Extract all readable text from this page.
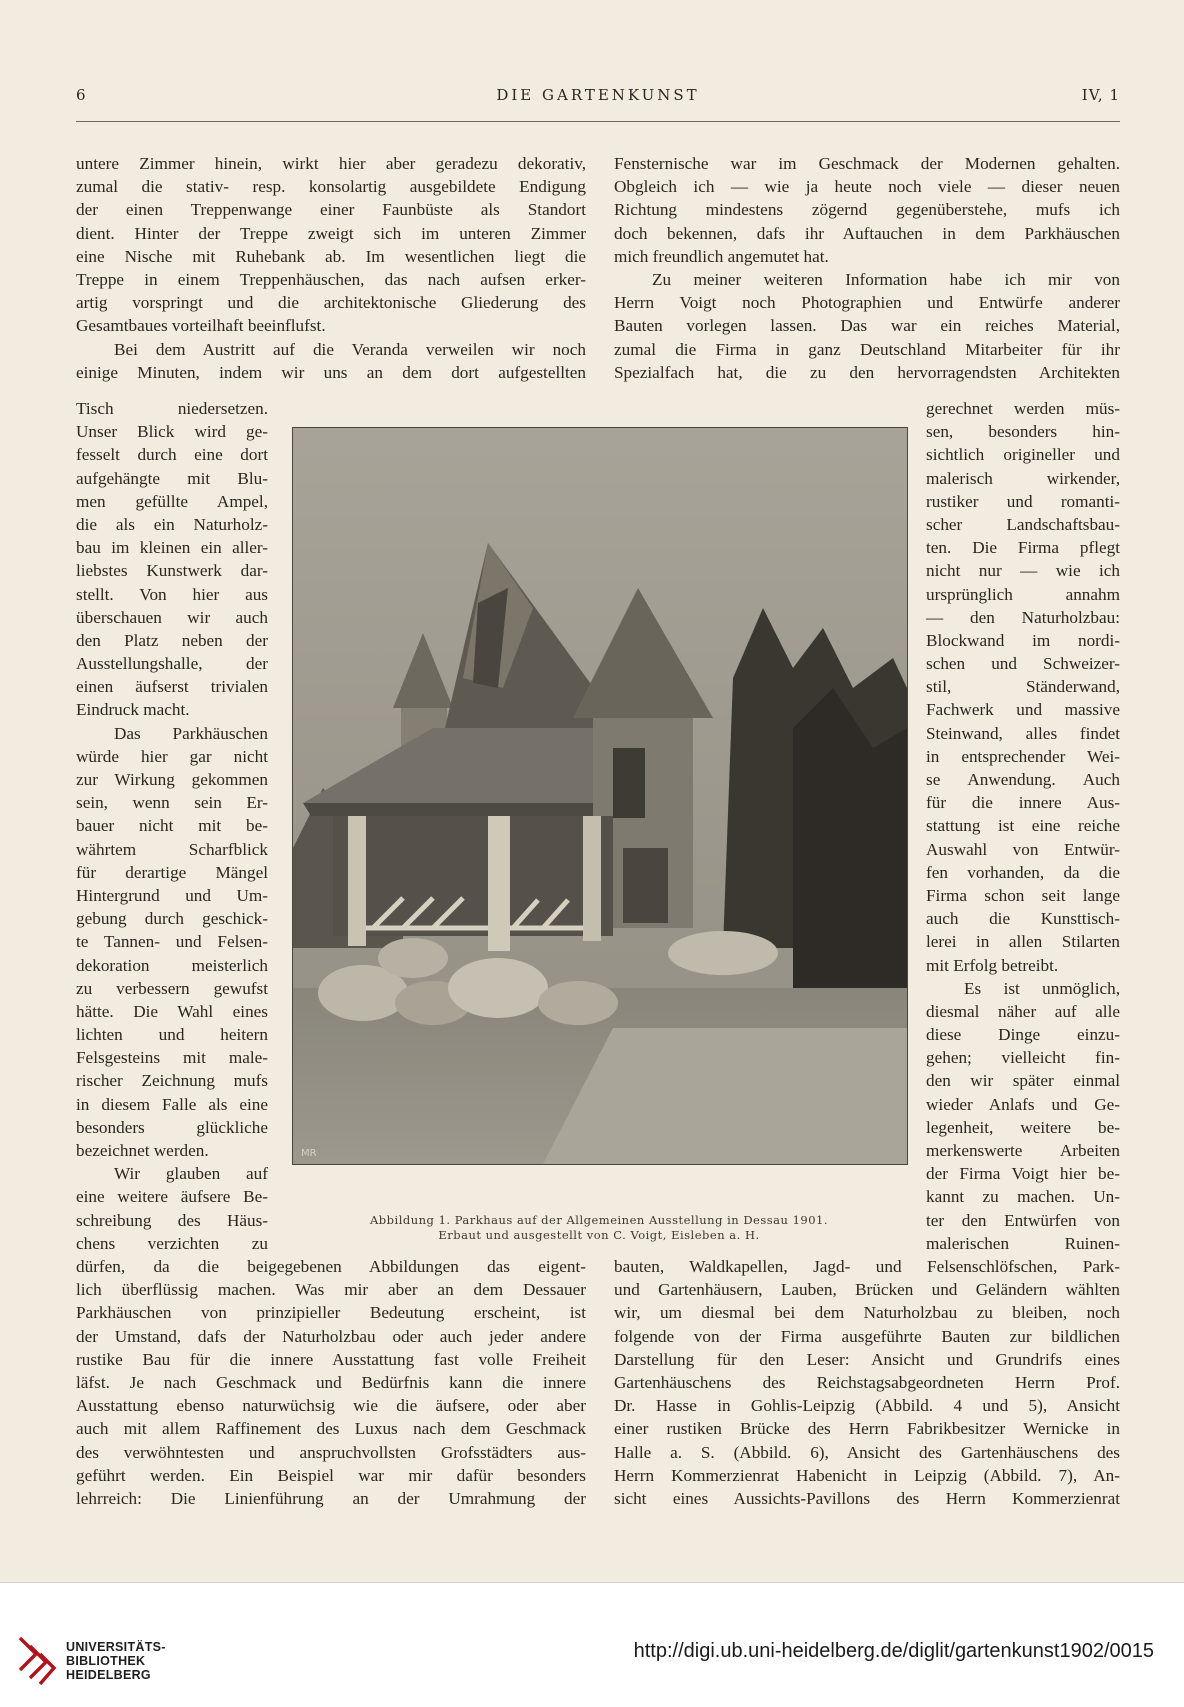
6	DIE GARTENKUNST	IV, 1
untere Zimmer hinein, wirkt hier aber geradezu dekorativ,
zumal die stativ- resp. konsolartig ausgebildete Endigung
der einen Treppenwange einer Faunbüste als Standort
dient. Hinter der Treppe zweigt sich im unteren Zimmer
eine Nische mit Ruhebank ab. Im wesentlichen liegt die
Treppe in einem Treppenhäuschen, das nach aufsen erker-
artig vorspringt und die architektonische Gliederung des
Gesamtbaues vorteilhaft beeinflufst.
Bei dem Austritt auf die Veranda verweilen wir noch
einige Minuten, indem wir uns an dem dort aufgestellten
Tisch niedersetzen.
Unser Blick wird ge-
fesselt durch eine dort
aufgehängte mit Blu-
men gefüllte Ampel,
die als ein Naturholz-
bau im kleinen ein aller-
liebstes Kunstwerk dar-
stellt. Von hier aus
überschauen wir auch
den Platz neben der
Ausstellungshalle, der
einen äufserst trivialen
Eindruck macht.
Das Parkhäuschen
würde hier gar nicht
zur Wirkung gekommen
sein, wenn sein Er-
bauer nicht mit be-
währtem Scharfblick
für derartige Mängel
Hintergrund und Um-
gebung durch geschick-
te Tannen- und Felsen-
dekoration meisterlich
zu verbessern gewufst
hätte. Die Wahl eines
lichten und heitern
Felsgesteins mit male-
rischer Zeichnung mufs
in diesem Falle als eine
besonders glückliche
bezeichnet werden.
Wir glauben auf
eine weitere äufsere Be-
schreibung des Häus-
chens verzichten zu
dürfen, da die beigegebenen Abbildungen das eigent-
lich überflüssig machen. Was mir aber an dem Dessauer
Parkhäuschen von prinzipieller Bedeutung erscheint, ist
der Umstand, dafs der Naturholzbau oder auch jeder andere
rustike Bau für die innere Ausstattung fast volle Freiheit
läfst. Je nach Geschmack und Bedürfnis kann die innere
Ausstattung ebenso naturwüchsig wie die äufsere, oder aber
auch mit allem Raffinement des Luxus nach dem Geschmack
des verwöhntesten und anspruchvollsten Grofsstädters aus-
geführt werden. Ein Beispiel war mir dafür besonders
lehrreich: Die Linienführung an der Umrahmung der
Fensternische war im Geschmack der Modernen gehalten.
Obgleich ich — wie ja heute noch viele — dieser neuen
Richtung mindestens zögernd gegenüberstehe, mufs ich
doch bekennen, dafs ihr Auftauchen in dem Parkhäuschen
mich freundlich angemutet hat.
Zu meiner weiteren Information habe ich mir von
Herrn Voigt noch Photographien und Entwürfe anderer
Bauten vorlegen lassen. Das war ein reiches Material,
zumal die Firma in ganz Deutschland Mitarbeiter für ihr
Spezialfach hat, die zu den hervorragendsten Architekten
gerechnet werden müs-
sen, besonders hin-
sichtlich origineller und
malerisch wirkender,
rustiker und romanti-
scher Landschaftsbau-
ten. Die Firma pflegt
nicht nur — wie ich
ursprünglich annahm
— den Naturholzbau:
Blockwand im nordi-
schen und Schweizer-
stil, Ständerwand,
Fachwerk und massive
Steinwand, alles findet
in entsprechender Wei-
se Anwendung. Auch
für die innere Aus-
stattung ist eine reiche
Auswahl von Entwür-
fen vorhanden, da die
Firma schon seit lange
auch die Kunsttisch-
lerei in allen Stilarten
mit Erfolg betreibt.
Es ist unmöglich,
diesmal näher auf alle
diese Dinge einzu-
gehen; vielleicht fin-
den wir später einmal
wieder Anlafs und Ge-
legenheit, weitere be-
merkenswerte Arbeiten
der Firma Voigt hier be-
kannt zu machen. Un-
ter den Entwürfen von
malerischen Ruinen-
bauten, Waldkapellen, Jagd- und Felsenschlöfschen, Park-
und Gartenhäusern, Lauben, Brücken und Geländern wählten
wir, um diesmal bei dem Naturholzbau zu bleiben, noch
folgende von der Firma ausgeführte Bauten zur bildlichen
Darstellung für den Leser: Ansicht und Grundrifs eines
Gartenhäuschens des Reichstagsabgeordneten Herrn Prof.
Dr. Hasse in Gohlis-Leipzig (Abbild. 4 und 5), Ansicht
einer rustiken Brücke des Herrn Fabrikbesitzer Wernicke in
Halle a. S. (Abbild. 6), Ansicht des Gartenhäuschens des
Herrn Kommerzienrat Habenicht in Leipzig (Abbild. 7), An-
sicht eines Aussichts-Pavillons des Herrn Kommerzienrat
MR
Abbildung 1. Parkhaus auf der Allgemeinen Ausstellung in Dessau 1901.
Erbaut und ausgestellt von C. Voigt, Eisleben a. H.
UNIVERSITÄTS-
BIBLIOTHEK
HEIDELBERG
http://digi.ub.uni-heidelberg.de/diglit/gartenkunst1902/0015
